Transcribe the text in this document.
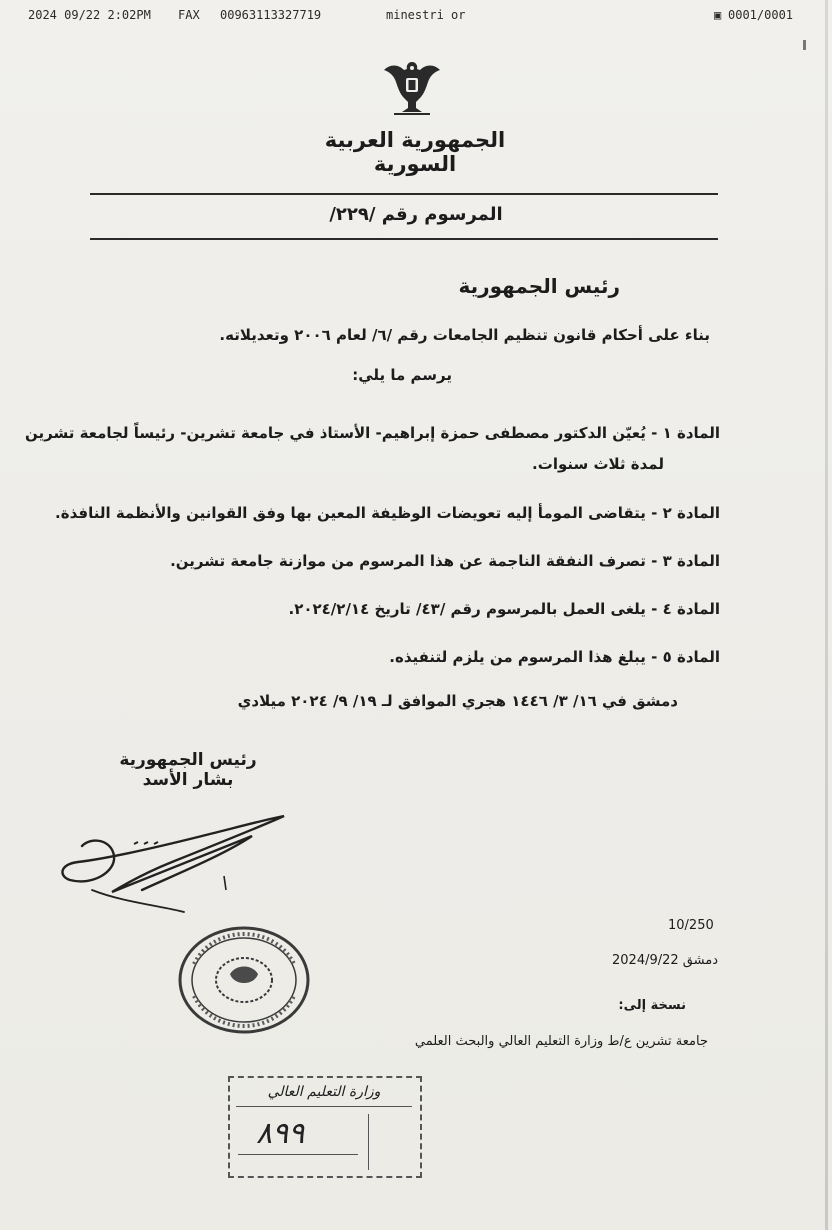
2024 09/22 2:02PM FAX 00963113327719	minestri or	▣ 0001/0001
الجمهورية العربية السورية
المرسوم رقم /٢٢٩/
رئيس الجمهورية
بناء على أحكام قانون تنظيم الجامعات رقم /٦/ لعام ٢٠٠٦ وتعديلاته.
يرسم ما يلي:
المادة ١ - يُعيّن الدكتور مصطفى حمزة إبراهيم- الأستاذ في جامعة تشرين- رئيساً لجامعة تشرين
لمدة ثلاث سنوات.
المادة ٢ - يتقاضى المومأ إليه تعويضات الوظيفة المعين بها وفق القوانين والأنظمة النافذة.
المادة ٣ - تصرف النفقة الناجمة عن هذا المرسوم من موازنة جامعة تشرين.
المادة ٤ - يلغى العمل بالمرسوم رقم /٤٣/ تاريخ ٢٠٢٤/٢/١٤.
المادة ٥ - يبلغ هذا المرسوم من يلزم لتنفيذه.
دمشق في ١٦/ ٣/ ١٤٤٦ هجري الموافق لـ ١٩/ ٩/ ٢٠٢٤ ميلادي
رئيس الجمهورية
بشار الأسد
10/250
دمشق 2024/9/22
نسخة إلى:
جامعة تشرين ع/ط وزارة التعليم العالي والبحث العلمي
وزارة التعليم العالي
٨٩٩
